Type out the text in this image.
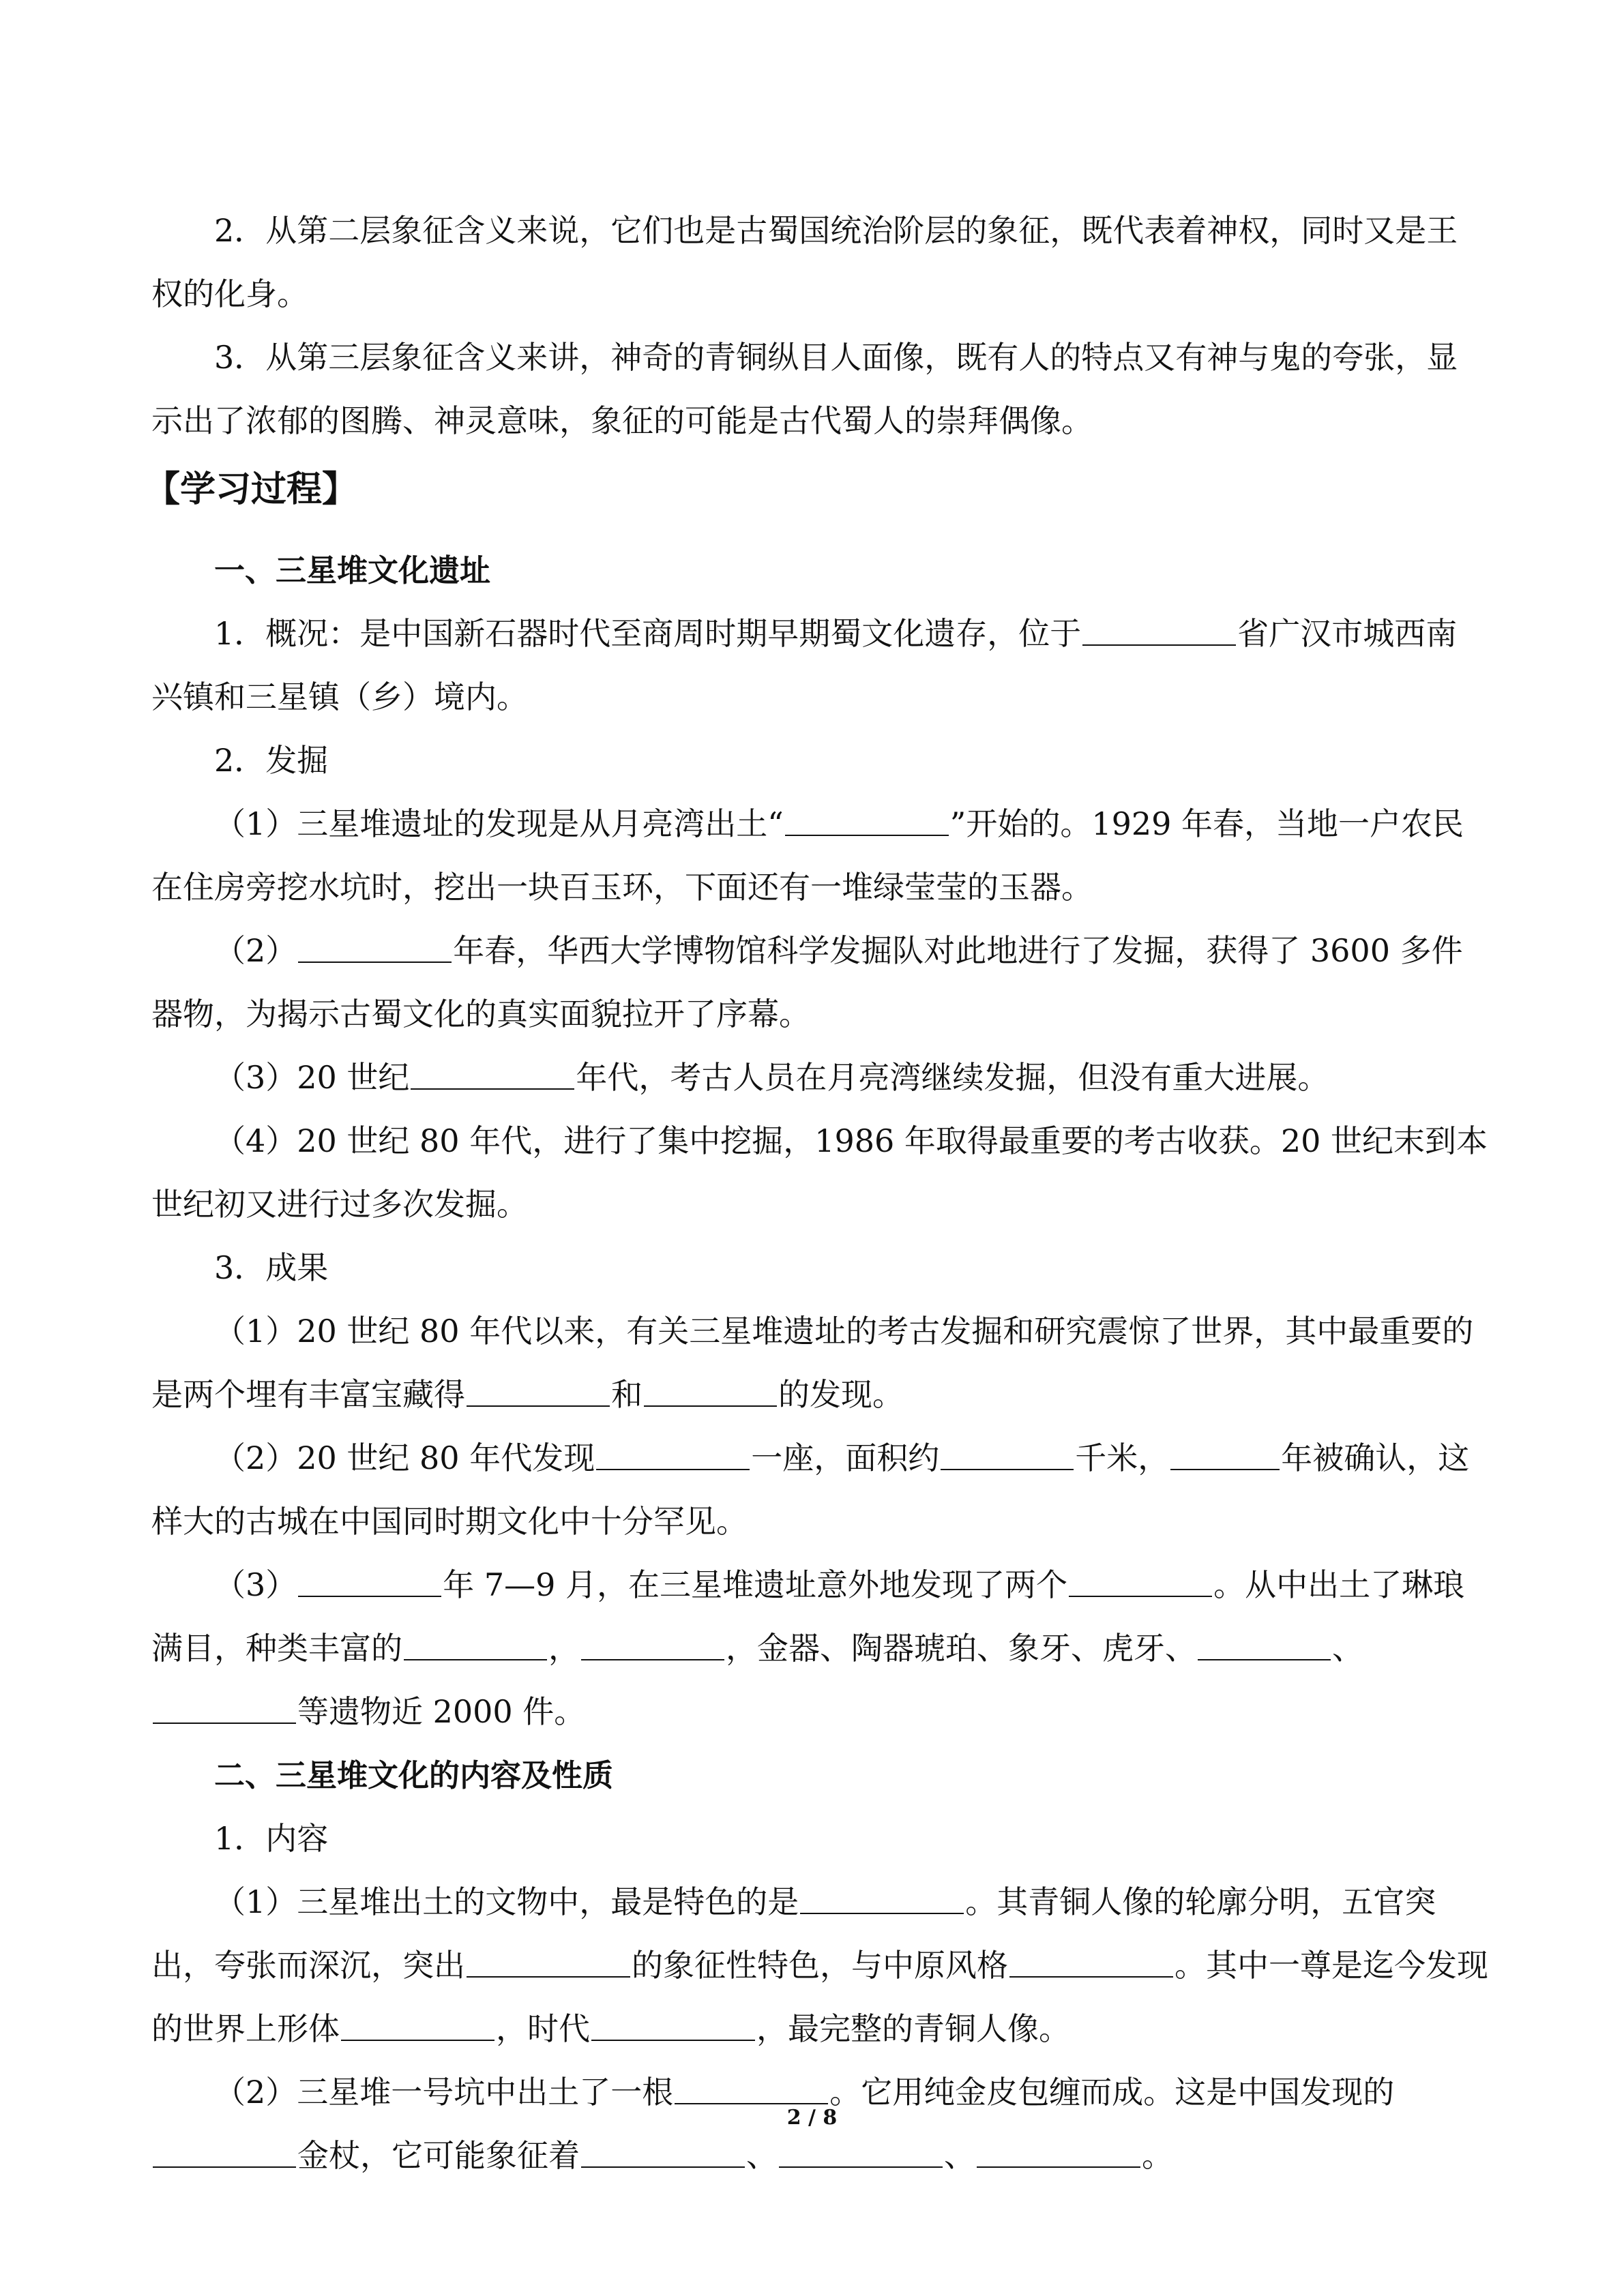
2．从第二层象征含义来说，它们也是古蜀国统治阶层的象征，既代表着神权，同时又是王权的化身。

3．从第三层象征含义来讲，神奇的青铜纵目人面像，既有人的特点又有神与鬼的夸张，显示出了浓郁的图腾、神灵意味，象征的可能是古代蜀人的崇拜偶像。

【学习过程】

一、三星堆文化遗址

1．概况：是中国新石器时代至商周时期早期蜀文化遗存，位于	省广汉市城西南兴镇和三星镇（乡）境内。

2．发掘

（1）三星堆遗址的发现是从月亮湾出土“	”开始的。1929 年春，当地一户农民在住房旁挖水坑时，挖出一块百玉环，下面还有一堆绿莹莹的玉器。

（2）	年春，华西大学博物馆科学发掘队对此地进行了发掘，获得了 3600 多件器物，为揭示古蜀文化的真实面貌拉开了序幕。

（3）20 世纪	年代，考古人员在月亮湾继续发掘，但没有重大进展。

（4）20 世纪 80 年代，进行了集中挖掘，1986 年取得最重要的考古收获。20 世纪末到本世纪初又进行过多次发掘。

3．成果

（1）20 世纪 80 年代以来，有关三星堆遗址的考古发掘和研究震惊了世界，其中最重要的是两个埋有丰富宝藏得	和	的发现。

（2）20 世纪 80 年代发现	一座，面积约	千米，	年被确认，这样大的古城在中国同时期文化中十分罕见。

（3）	年 7—9 月，在三星堆遗址意外地发现了两个	。从中出土了琳琅满目，种类丰富的	，	，金器、陶器琥珀、象牙、虎牙、	、等遗物近 2000 件。

二、三星堆文化的内容及性质

1．内容

（1）三星堆出土的文物中，最是特色的是	。其青铜人像的轮廓分明，五官突出，夸张而深沉，突出	的象征性特色，与中原风格	。其中一尊是迄今发现的世界上形体	，时代	，最完整的青铜人像。

（2）三星堆一号坑中出土了一根	。它用纯金皮包缠而成。这是中国发现的金杖，它可能象征着	、	、	。

2 / 8
